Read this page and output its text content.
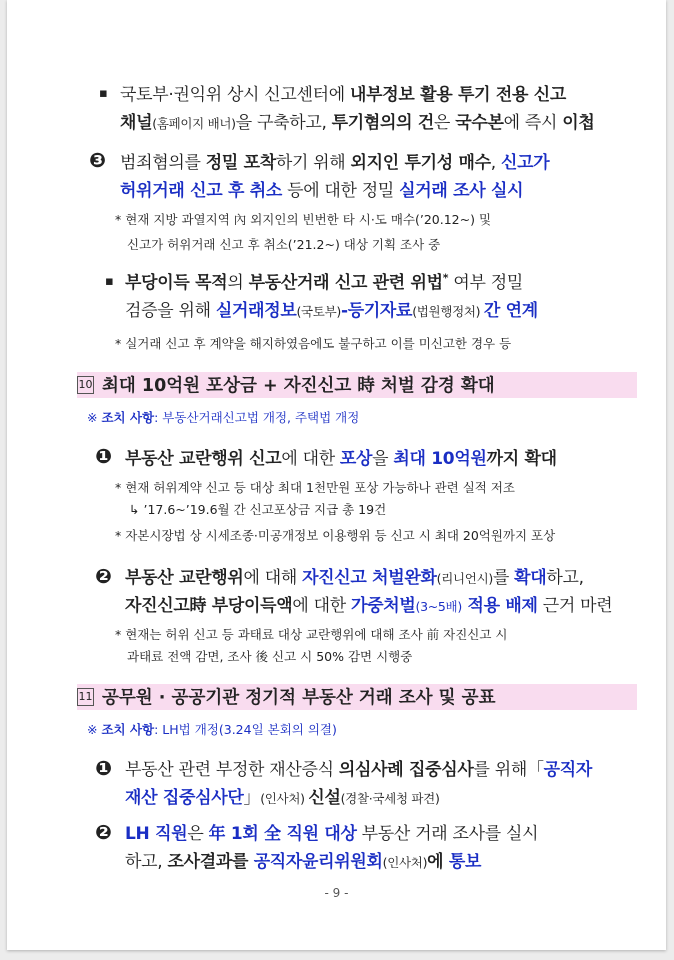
▪ 국토부·권익위 상시 신고센터에 내부정보 활용 투기 전용 신고
채널(홈페이지 배너)을 구축하고, 투기혐의의 건은 국수본에 즉시 이첩
❸ 범죄혐의를 정밀 포착하기 위해 외지인 투기성 매수, 신고가
허위거래 신고 후 취소 등에 대한 정밀 실거래 조사 실시
* 현재 지방 과열지역 內 외지인의 빈번한 타 시·도 매수(’20.12~) 및
신고가 허위거래 신고 후 취소(’21.2~) 대상 기획 조사 중
▪ 부당이득 목적의 부동산거래 신고 관련 위법* 여부 정밀
검증을 위해 실거래정보(국토부)-등기자료(법원행정처) 간 연계
* 실거래 신고 후 계약을 해지하였음에도 불구하고 이를 미신고한 경우 등
10 최대 10억원 포상금 + 자진신고 時 처벌 감경 확대
※ 조치 사항: 부동산거래신고법 개정, 주택법 개정
❶ 부동산 교란행위 신고에 대한 포상을 최대 10억원까지 확대
* 현재 허위계약 신고 등 대상 최대 1천만원 포상 가능하나 관련 실적 저조
↳ ’17.6~’19.6월 간 신고포상금 지급 총 19건
* 자본시장법 상 시세조종·미공개정보 이용행위 등 신고 시 최대 20억원까지 포상
❷ 부동산 교란행위에 대해 자진신고 처벌완화(리니언시)를 확대하고,
자진신고時 부당이득액에 대한 가중처벌(3~5배) 적용 배제 근거 마련
* 현재는 허위 신고 등 과태료 대상 교란행위에 대해 조사 前 자진신고 시
과태료 전액 감면, 조사 後 신고 시 50% 감면 시행중
11 공무원 · 공공기관 정기적 부동산 거래 조사 및 공표
※ 조치 사항: LH법 개정(3.24일 본회의 의결)
❶ 부동산 관련 부정한 재산증식 의심사례 집중심사를 위해「공직자
재산 집중심사단」(인사처) 신설(경찰·국세청 파견)
❷ LH 직원은 年 1회 全 직원 대상 부동산 거래 조사를 실시
하고, 조사결과를 공직자윤리위원회(인사처)에 통보
- 9 -
